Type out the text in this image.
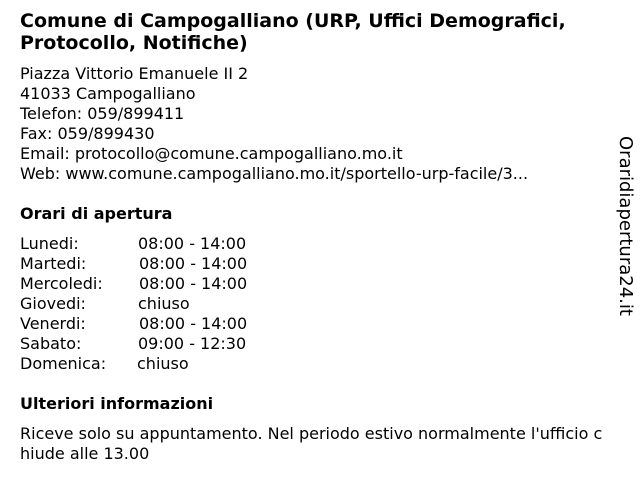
Comune di Campogalliano (URP, Uffici Demografici, Protocollo, Notifiche)
Piazza Vittorio Emanuele II 2
41033 Campogalliano
Telefon: 059/899411
Fax: 059/899430
Email: protocollo@comune.campogalliano.mo.it
Web: www.comune.campogalliano.mo.it/sportello-urp-facile/3...
Orari di apertura
Lunedi:	08:00 - 14:00
Martedi:	08:00 - 14:00
Mercoledi: 08:00 - 14:00
Giovedi:	chiuso
Venerdi:	08:00 - 14:00
Sabato:	09:00 - 12:30
Domenica: chiuso
Ulteriori informazioni
Riceve solo su appuntamento. Nel periodo estivo normalmente l'ufficio chiude alle 13.00
Oraridiapertura24.it
